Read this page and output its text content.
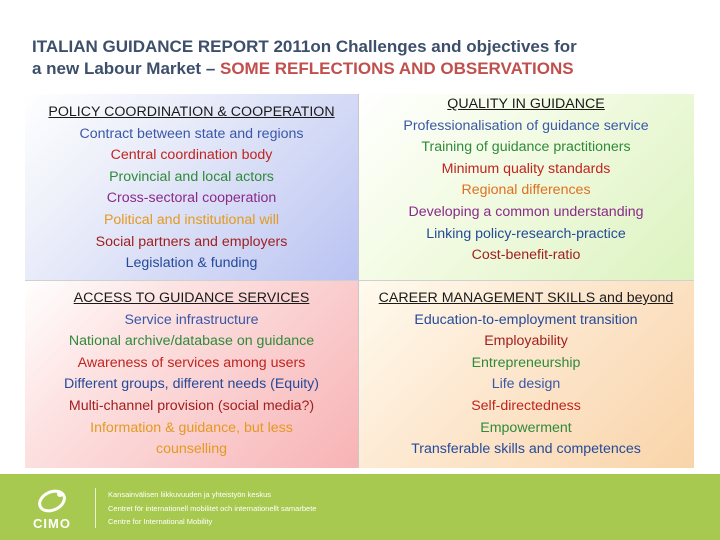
ITALIAN GUIDANCE REPORT 2011on Challenges and objectives for
a new Labour Market – SOME REFLECTIONS AND OBSERVATIONS
POLICY COORDINATION & COOPERATION
Contract between state and regions
Central coordination body
Provincial and local actors
Cross-sectoral cooperation
Political and institutional will
Social partners and employers
Legislation & funding
QUALITY IN GUIDANCE
Professionalisation of guidance service
Training of guidance practitioners
Minimum quality standards
Regional differences
Developing a common understanding
Linking policy-research-practice
Cost-benefit-ratio
ACCESS TO GUIDANCE SERVICES
Service infrastructure
National archive/database on guidance
Awareness of services among users
Different groups, different needs (Equity)
Multi-channel provision (social media?)
Information & guidance, but less
counselling
CAREER MANAGEMENT SKILLS and beyond
Education-to-employment transition
Employability
Entrepreneurship
Life design
Self-directedness
Empowerment
Transferable skills and competences
CIMO
Kansainvälisen liikkuvuuden ja yhteistyön keskus
Centret för internationell mobilitet och internationellt samarbete
Centre for International Mobility
